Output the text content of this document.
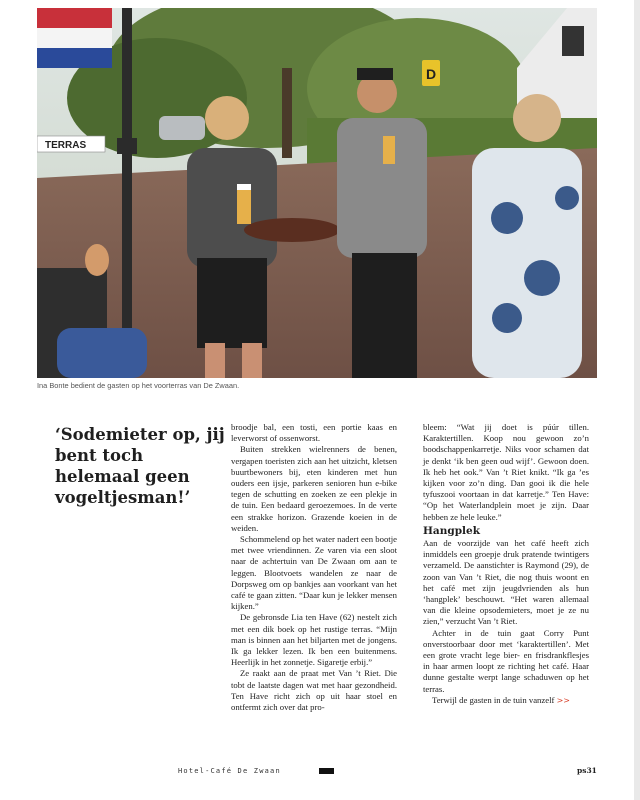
TERRAS
D
Ina Bonte bedient de gasten op het voorterras van De Zwaan.
‘Sodemieter op, jij bent toch helemaal geen vogeltjesman!’

broodje bal, een tosti, een portie kaas en leverworst of ossenworst.

Buiten strekken wielrenners de benen, vergapen toeristen zich aan het uitzicht, kletsen buurtbewoners bij, eten kinderen met hun ouders een ijsje, parkeren senioren hun e-bike tegen de schutting en zoeken ze een plekje in de tuin. Een bedaard geroezemoes. In de verte een strakke horizon. Grazende koeien in de weiden.

Schommelend op het water nadert een bootje met twee vriendinnen. Ze varen via een sloot naar de achtertuin van De Zwaan om aan te leggen. Blootvoets wandelen ze naar de Dorpsweg om op bankjes aan voorkant van het café te gaan zitten. “Daar kun je lekker mensen kijken.”

De gebronsde Lia ten Have (62) nestelt zich met een dik boek op het rustige terras. “Mijn man is binnen aan het biljarten met de jongens. Ik ga lekker lezen. Ik ben een buitenmens. Heerlijk in het zonnetje. Sigaretje erbij.”

Ze raakt aan de praat met Van ’t Riet. Die tobt de laatste dagen wat met haar gezondheid. Ten Have richt zich op uit haar stoel en ontfermt zich over dat pro-

bleem: “Wat jij doet is púúr tillen. Karaktertillen. Koop nou gewoon zo’n boodschappenkarretje. Niks voor schamen dat je denkt ‘ik ben geen oud wijf’. Gewoon doen. Ik heb het ook.” Van ’t Riet knikt. “Ik ga ’es kijken voor zo’n ding. Dan gooi ik die hele tyfuszooi voortaan in dat karretje.” Ten Have: “Op het Waterlandplein moet je zijn. Daar hebben ze hele leuke.”

Hangplek

Aan de voorzijde van het café heeft zich inmiddels een groepje druk pratende twintigers verzameld. De aanstichter is Raymond (29), de zoon van Van ’t Riet, die nog thuis woont en het café met zijn jeugdvrienden als hun ‘hangplek’ beschouwt. “Het waren allemaal van die kleine opsodemieters, moet je ze nu zien,” verzucht Van ’t Riet.

Achter in de tuin gaat Corry Punt onverstoorbaar door met ‘karaktertillen’. Met een grote vracht lege bier- en frisdrankflesjes in haar armen loopt ze richting het café. Haar dunne gestalte werpt lange schaduwen op het terras.

Terwijl de gasten in de tuin vanzelf >>

Hotel-Café De Zwaan	ps31
